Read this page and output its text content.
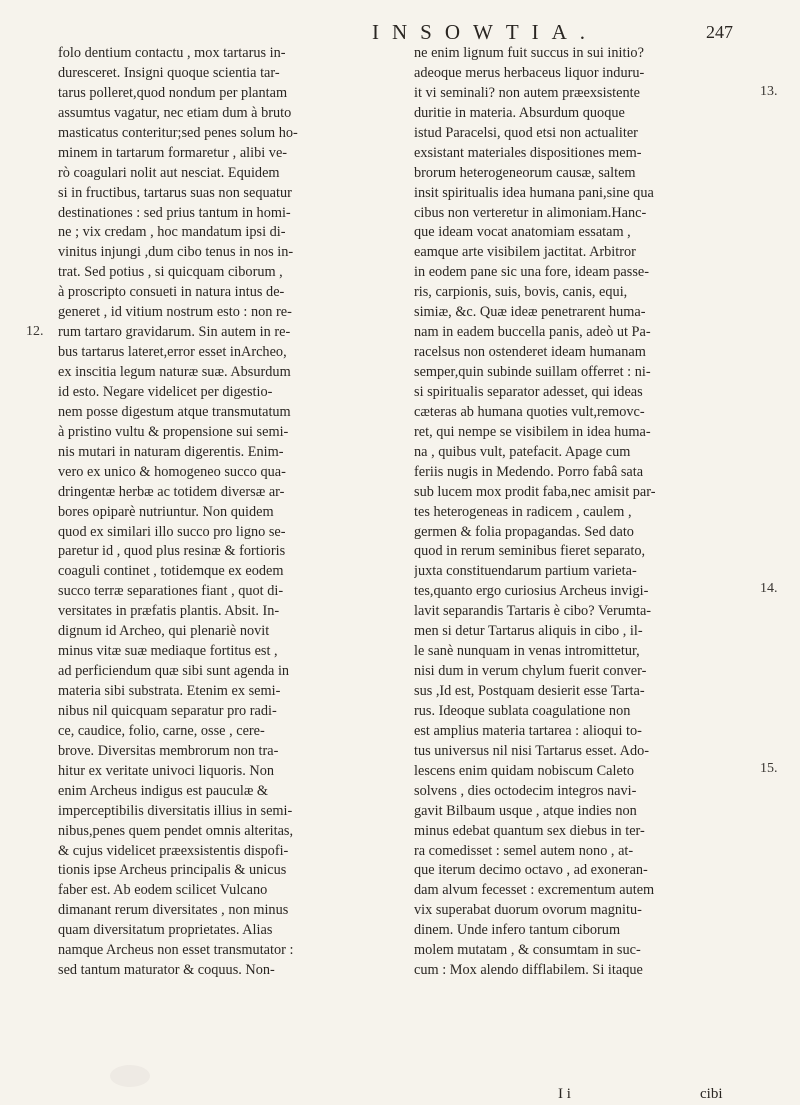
INSOWTIA.	247
folo dentium contactu , mox tartarus in-
duresceret. Insigni quoque scientia tar-
tarus polleret,quod nondum per plantam
assumtus vagatur, nec etiam dum à bruto
masticatus conteritur;sed penes solum ho-
minem in tartarum formaretur , alibi ve-
rò coagulari nolit aut nesciat. Equidem
si in fructibus, tartarus suas non sequatur
destinationes : sed prius tantum in homi-
ne ; vix credam , hoc mandatum ipsi di-
vinitus injungi ,dum cibo tenus in nos in-
trat. Sed potius , si quicquam ciborum ,
à proscripto consueti in natura intus de-
generet , id vitium nostrum esto : non re-
rum tartaro gravidarum. Sin autem in re-
bus tartarus lateret,error esset inArcheo,
ex inscitia legum naturæ suæ. Absurdum
id esto. Negare videlicet per digestio-
nem posse digestum atque transmutatum
à pristino vultu & propensione sui semi-
nis mutari in naturam digerentis. Enim-
vero ex unico & homogeneo succo qua-
dringentæ herbæ ac totidem diversæ ar-
bores opiparè nutriuntur. Non quidem
quod ex similari illo succo pro ligno se-
paretur id , quod plus resinæ & fortioris
coaguli continet , totidemque ex eodem
succo terræ separationes fiant , quot di-
versitates in præfatis plantis. Absit. In-
dignum id Archeo, qui plenariè novit
minus vitæ suæ mediaque fortitus est ,
ad perficiendum quæ sibi sunt agenda in
materia sibi substrata. Etenim ex semi-
nibus nil quicquam separatur pro radi-
ce, caudice, folio, carne, osse , cere-
brove. Diversitas membrorum non tra-
hitur ex veritate univoci liquoris. Non
enim Archeus indigus est pauculæ &
imperceptibilis diversitatis illius in semi-
nibus,penes quem pendet omnis alteritas,
& cujus videlicet præexsistentis dispofi-
tionis ipse Archeus principalis & unicus
faber est. Ab eodem scilicet Vulcano
dimanant rerum diversitates , non minus
quam diversitatum proprietates. Alias
namque Archeus non esset transmutator :
sed tantum maturator & coquus. Non-
ne enim lignum fuit succus in sui initio?
adeoque merus herbaceus liquor induru-
it vi seminali? non autem præexsistente
duritie in materia. Absurdum quoque
istud Paracelsi, quod etsi non actualiter
exsistant materiales dispositiones mem-
brorum heterogeneorum causæ, saltem
insit spiritualis idea humana pani,sine qua
cibus non verteretur in alimoniam.Hanc-
que ideam vocat anatomiam essatam ,
eamque arte visibilem jactitat. Arbitror
in eodem pane sic una fore, ideam passe-
ris, carpionis, suis, bovis, canis, equi,
simiæ, &c. Quæ ideæ penetrarent huma-
nam in eadem buccella panis, adeò ut Pa-
racelsus non ostenderet ideam humanam
semper,quin subinde suillam offerret : ni-
si spiritualis separator adesset, qui ideas
cæteras ab humana quoties vult,removc-
ret, qui nempe se visibilem in idea huma-
na , quibus vult, patefacit. Apage cum
feriis nugis in Medendo. Porro fabâ sata
sub lucem mox prodit faba,nec amisit par-
tes heterogeneas in radicem , caulem ,
germen & folia propagandas. Sed dato
quod in rerum seminibus fieret separato,
juxta constituendarum partium varieta-
tes,quanto ergo curiosius Archeus invigi-
lavit separandis Tartaris è cibo? Verumta-
men si detur Tartarus aliquis in cibo , il-
le sanè nunquam in venas intromittetur,
nisi dum in verum chylum fuerit conver-
sus ,Id est, Postquam desierit esse Tarta-
rus. Ideoque sublata coagulatione non
est amplius materia tartarea : alioqui to-
tus universus nil nisi Tartarus esset. Ado-
lescens enim quidam nobiscum Caleto
solvens , dies octodecim integros navi-
gavit Bilbaum usque , atque indies non
minus edebat quantum sex diebus in ter-
ra comedisset : semel autem nono , at-
que iterum decimo octavo , ad exoneran-
dam alvum fecesset : excrementum autem
vix superabat duorum ovorum magnitu-
dinem. Unde infero tantum ciborum
molem mutatam , & consumtam in suc-
cum : Mox alendo difflabilem. Si itaque
12.
13.
14.
15.
I i	cibi
